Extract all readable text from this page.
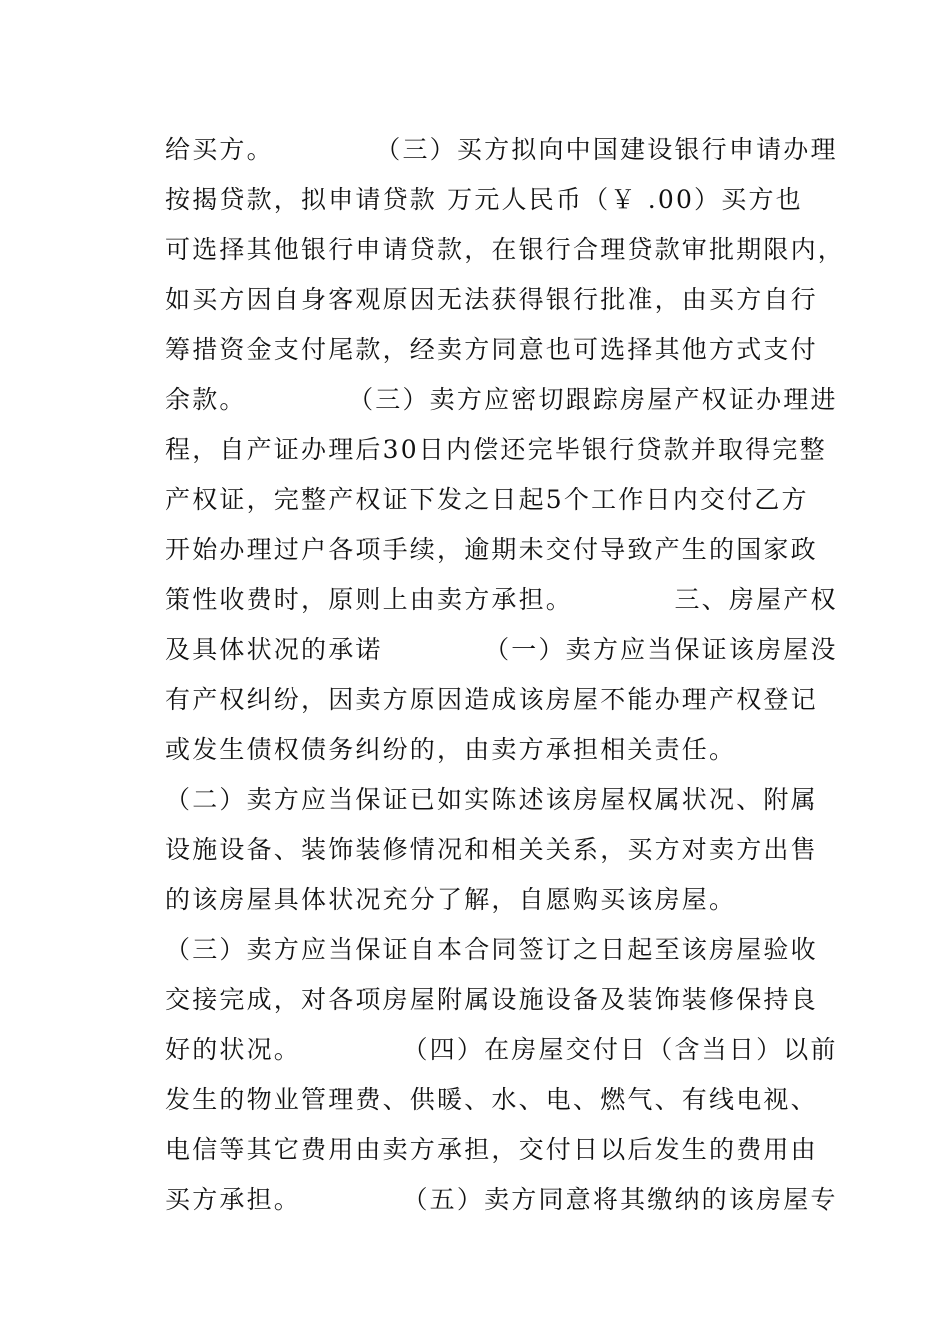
给买方。          （三）买方拟向中国建设银行申请办理
按揭贷款，拟申请贷款 万元人民币（￥ .00）买方也
可选择其他银行申请贷款，在银行合理贷款审批期限内，
如买方因自身客观原因无法获得银行批准，由买方自行
筹措资金支付尾款，经卖方同意也可选择其他方式支付
余款。          （三）卖方应密切跟踪房屋产权证办理进
程，自产证办理后30日内偿还完毕银行贷款并取得完整
产权证，完整产权证下发之日起5个工作日内交付乙方
开始办理过户各项手续，逾期未交付导致产生的国家政
策性收费时，原则上由卖方承担。          三、房屋产权
及具体状况的承诺          （一）卖方应当保证该房屋没
有产权纠纷，因卖方原因造成该房屋不能办理产权登记
或发生债权债务纠纷的，由卖方承担相关责任。
（二）卖方应当保证已如实陈述该房屋权属状况、附属
设施设备、装饰装修情况和相关关系，买方对卖方出售
的该房屋具体状况充分了解，自愿购买该房屋。
（三）卖方应当保证自本合同签订之日起至该房屋验收
交接完成，对各项房屋附属设施设备及装饰装修保持良
好的状况。          （四）在房屋交付日（含当日）以前
发生的物业管理费、供暖、水、电、燃气、有线电视、
电信等其它费用由卖方承担，交付日以后发生的费用由
买方承担。          （五）卖方同意将其缴纳的该房屋专
